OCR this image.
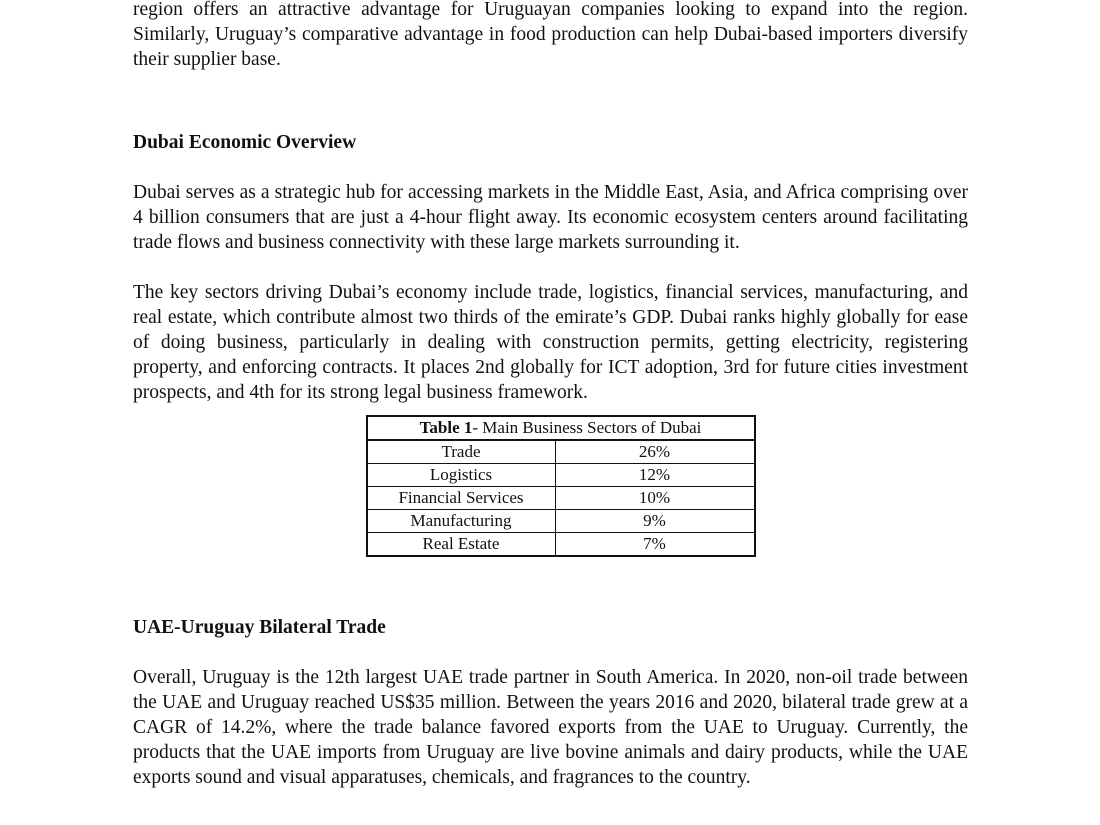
region offers an attractive advantage for Uruguayan companies looking to expand into the region. Similarly, Uruguay’s comparative advantage in food production can help Dubai-based importers diversify their supplier base.

Dubai Economic Overview

Dubai serves as a strategic hub for accessing markets in the Middle East, Asia, and Africa comprising over 4 billion consumers that are just a 4-hour flight away. Its economic ecosystem centers around facilitating trade flows and business connectivity with these large markets surrounding it.

The key sectors driving Dubai’s economy include trade, logistics, financial services, manufacturing, and real estate, which contribute almost two thirds of the emirate’s GDP. Dubai ranks highly globally for ease of doing business, particularly in dealing with construction permits, getting electricity, registering property, and enforcing contracts. It places 2nd globally for ICT adoption, 3rd for future cities investment prospects, and 4th for its strong legal business framework.

Table 1- Main Business Sectors of Dubai
Trade	26%
Logistics	12%
Financial Services	10%
Manufacturing	9%
Real Estate	7%
UAE-Uruguay Bilateral Trade

Overall, Uruguay is the 12th largest UAE trade partner in South America. In 2020, non-oil trade between the UAE and Uruguay reached US$35 million. Between the years 2016 and 2020, bilateral trade grew at a CAGR of 14.2%, where the trade balance favored exports from the UAE to Uruguay. Currently, the products that the UAE imports from Uruguay are live bovine animals and dairy products, while the UAE exports sound and visual apparatuses, chemicals, and fragrances to the country.
